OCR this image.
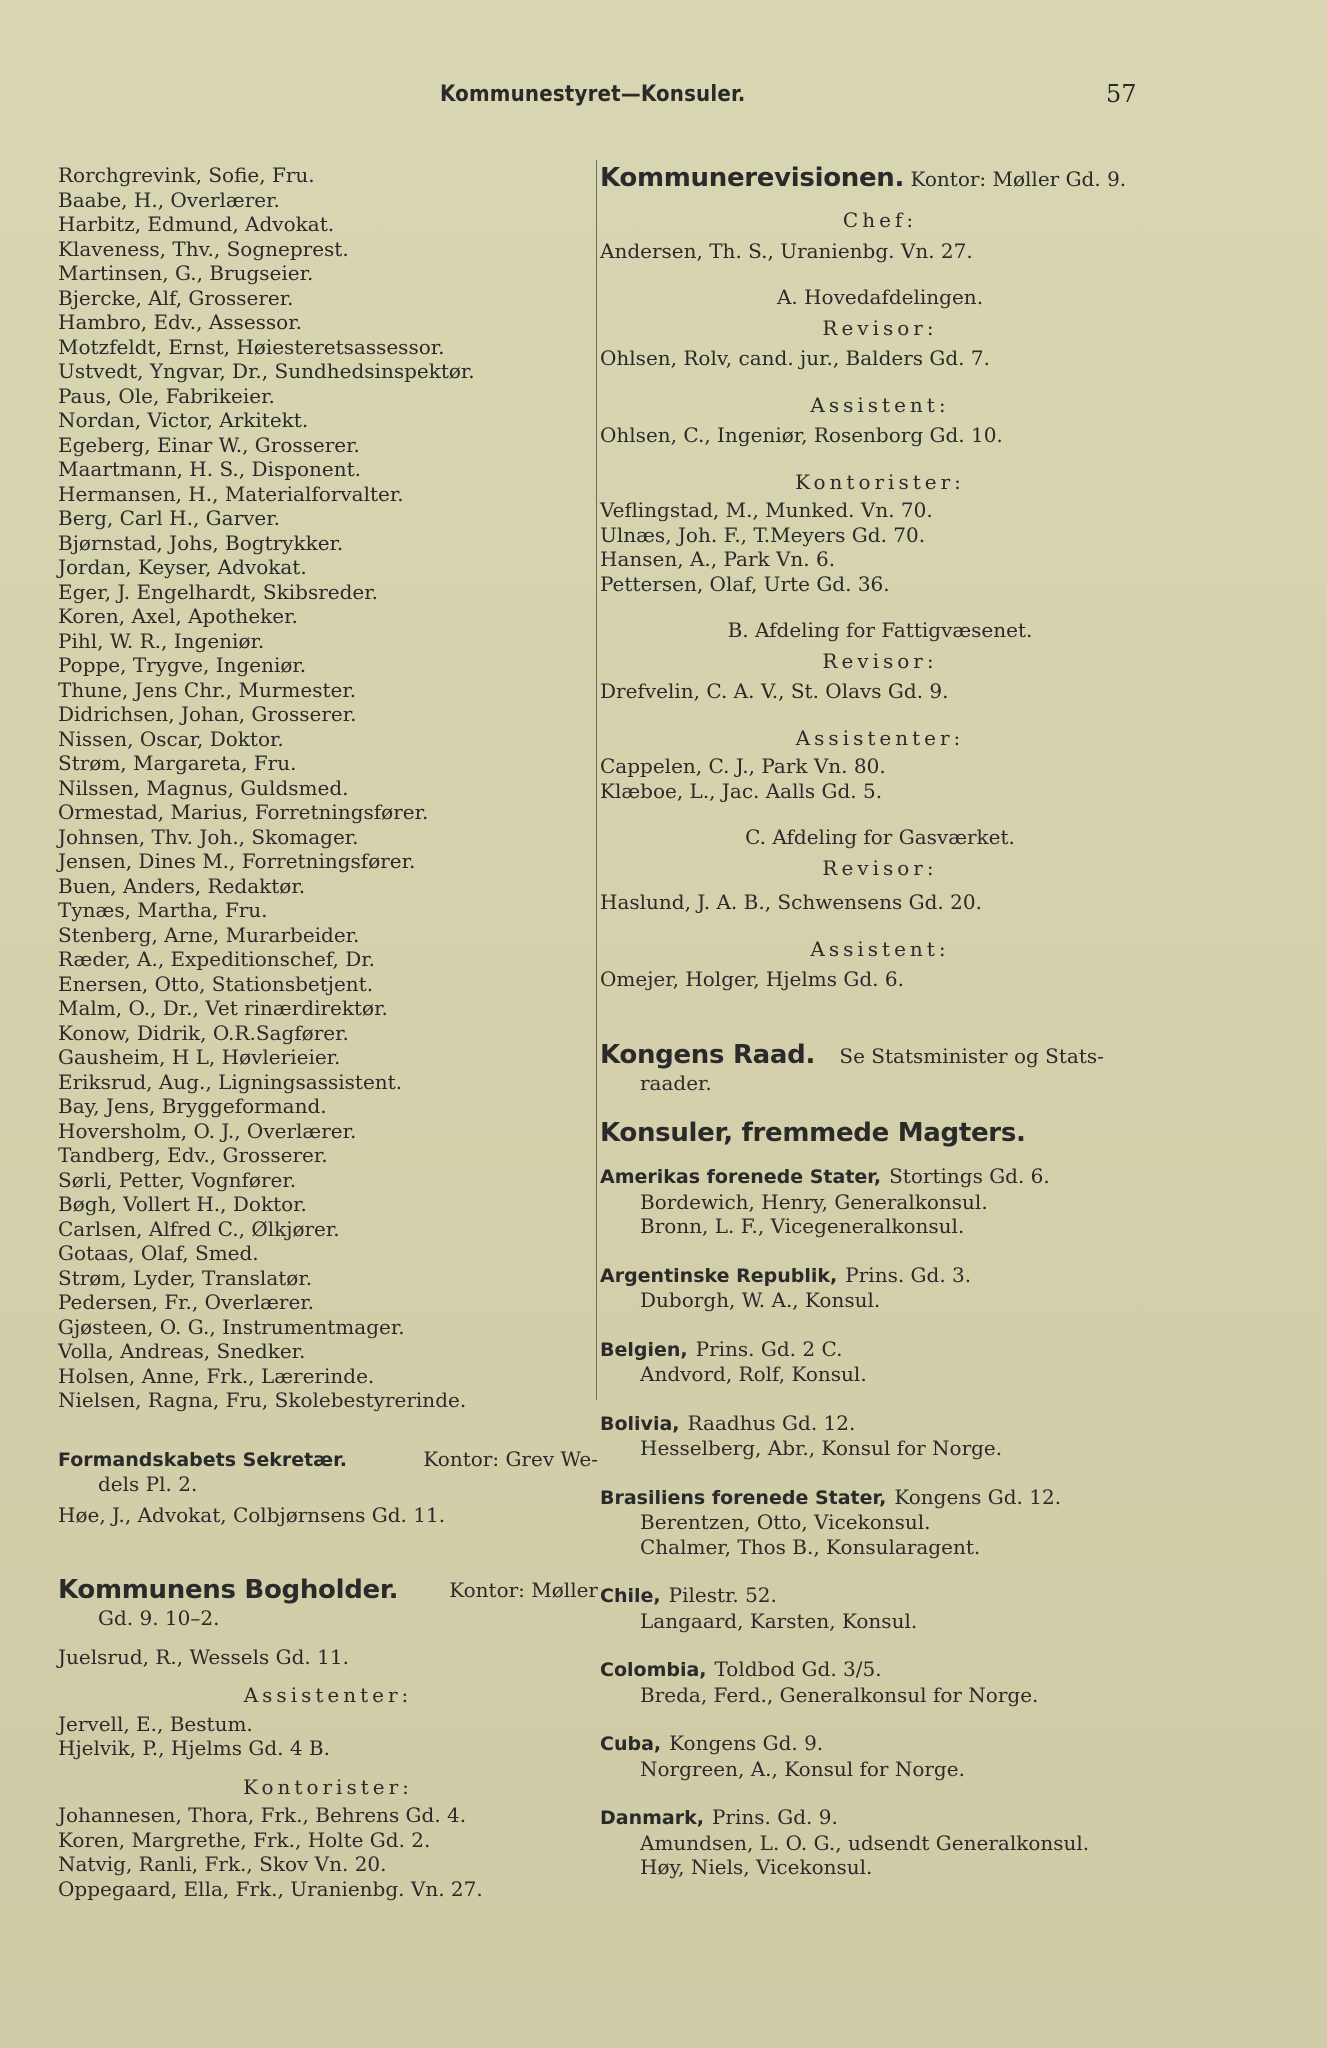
Kommunestyret—Konsuler.	57
Rorchgrevink, Sofie, Fru.
Baabe, H., Overlærer.
Harbitz, Edmund, Advokat.
Klaveness, Thv., Sogneprest.
Martinsen, G., Brugseier.
Bjercke, Alf, Grosserer.
Hambro, Edv., Assessor.
Motzfeldt, Ernst, Høiesteretsassessor.
Ustvedt, Yngvar, Dr., Sundhedsinspektør.
Paus, Ole, Fabrikeier.
Nordan, Victor, Arkitekt.
Egeberg, Einar W., Grosserer.
Maartmann, H. S., Disponent.
Hermansen, H., Materialforvalter.
Berg, Carl H., Garver.
Bjørnstad, Johs, Bogtrykker.
Jordan, Keyser, Advokat.
Eger, J. Engelhardt, Skibsreder.
Koren, Axel, Apotheker.
Pihl, W. R., Ingeniør.
Poppe, Trygve, Ingeniør.
Thune, Jens Chr., Murmester.
Didrichsen, Johan, Grosserer.
Nissen, Oscar, Doktor.
Strøm, Margareta, Fru.
Nilssen, Magnus, Guldsmed.
Ormestad, Marius, Forretningsfører.
Johnsen, Thv. Joh., Skomager.
Jensen, Dines M., Forretningsfører.
Buen, Anders, Redaktør.
Tynæs, Martha, Fru.
Stenberg, Arne, Murarbeider.
Ræder, A., Expeditionschef, Dr.
Enersen, Otto, Stationsbetjent.
Malm, O., Dr., Vet rinærdirektør.
Konow, Didrik, O.R.Sagfører.
Gausheim, H L, Høvlerieier.
Eriksrud, Aug., Ligningsassistent.
Bay, Jens, Bryggeformand.
Hoversholm, O. J., Overlærer.
Tandberg, Edv., Grosserer.
Sørli, Petter, Vognfører.
Bøgh, Vollert H., Doktor.
Carlsen, Alfred C., Ølkjører.
Gotaas, Olaf, Smed.
Strøm, Lyder, Translatør.
Pedersen, Fr., Overlærer.
Gjøsteen, O. G., Instrumentmager.
Volla, Andreas, Snedker.
Holsen, Anne, Frk., Lærerinde.
Nielsen, Ragna, Fru, Skolebestyrerinde.
Formandskabets Sekretær.	Kontor: Grev We-
dels Pl. 2.
Høe, J., Advokat, Colbjørnsens Gd. 11.
Kommunens Bogholder.	Kontor: Møller
Gd. 9. 10–2.
Juelsrud, R., Wessels Gd. 11.
Assistenter:
Jervell, E., Bestum.
Hjelvik, P., Hjelms Gd. 4 B.
Kontorister:
Johannesen, Thora, Frk., Behrens Gd. 4.
Koren, Margrethe, Frk., Holte Gd. 2.
Natvig, Ranli, Frk., Skov Vn. 20.
Oppegaard, Ella, Frk., Uranienbg. Vn. 27.
Kommunerevisionen. Kontor: Møller Gd. 9.
Chef:
Andersen, Th. S., Uranienbg. Vn. 27.
A. Hovedafdelingen.
Revisor:
Ohlsen, Rolv, cand. jur., Balders Gd. 7.
Assistent:
Ohlsen, C., Ingeniør, Rosenborg Gd. 10.
Kontorister:
Veflingstad, M., Munked. Vn. 70.
Ulnæs, Joh. F., T.Meyers Gd. 70.
Hansen, A., Park Vn. 6.
Pettersen, Olaf, Urte Gd. 36.
B. Afdeling for Fattigvæsenet.
Revisor:
Drefvelin, C. A. V., St. Olavs Gd. 9.
Assistenter:
Cappelen, C. J., Park Vn. 80.
Klæboe, L., Jac. Aalls Gd. 5.
C. Afdeling for Gasværket.
Revisor:
Haslund, J. A. B., Schwensens Gd. 20.
Assistent:
Omejer, Holger, Hjelms Gd. 6.
Kongens Raad. Se Statsminister og Stats-
raader.
Konsuler, fremmede Magters.
Amerikas forenede Stater, Stortings Gd. 6.
Bordewich, Henry, Generalkonsul.
Bronn, L. F., Vicegeneralkonsul.
Argentinske Republik, Prins. Gd. 3.
Duborgh, W. A., Konsul.
Belgien, Prins. Gd. 2 C.
Andvord, Rolf, Konsul.
Bolivia, Raadhus Gd. 12.
Hesselberg, Abr., Konsul for Norge.
Brasiliens forenede Stater, Kongens Gd. 12.
Berentzen, Otto, Vicekonsul.
Chalmer, Thos B., Konsularagent.
Chile, Pilestr. 52.
Langaard, Karsten, Konsul.
Colombia, Toldbod Gd. 3/5.
Breda, Ferd., Generalkonsul for Norge.
Cuba, Kongens Gd. 9.
Norgreen, A., Konsul for Norge.
Danmark, Prins. Gd. 9.
Amundsen, L. O. G., udsendt Generalkonsul.
Høy, Niels, Vicekonsul.
